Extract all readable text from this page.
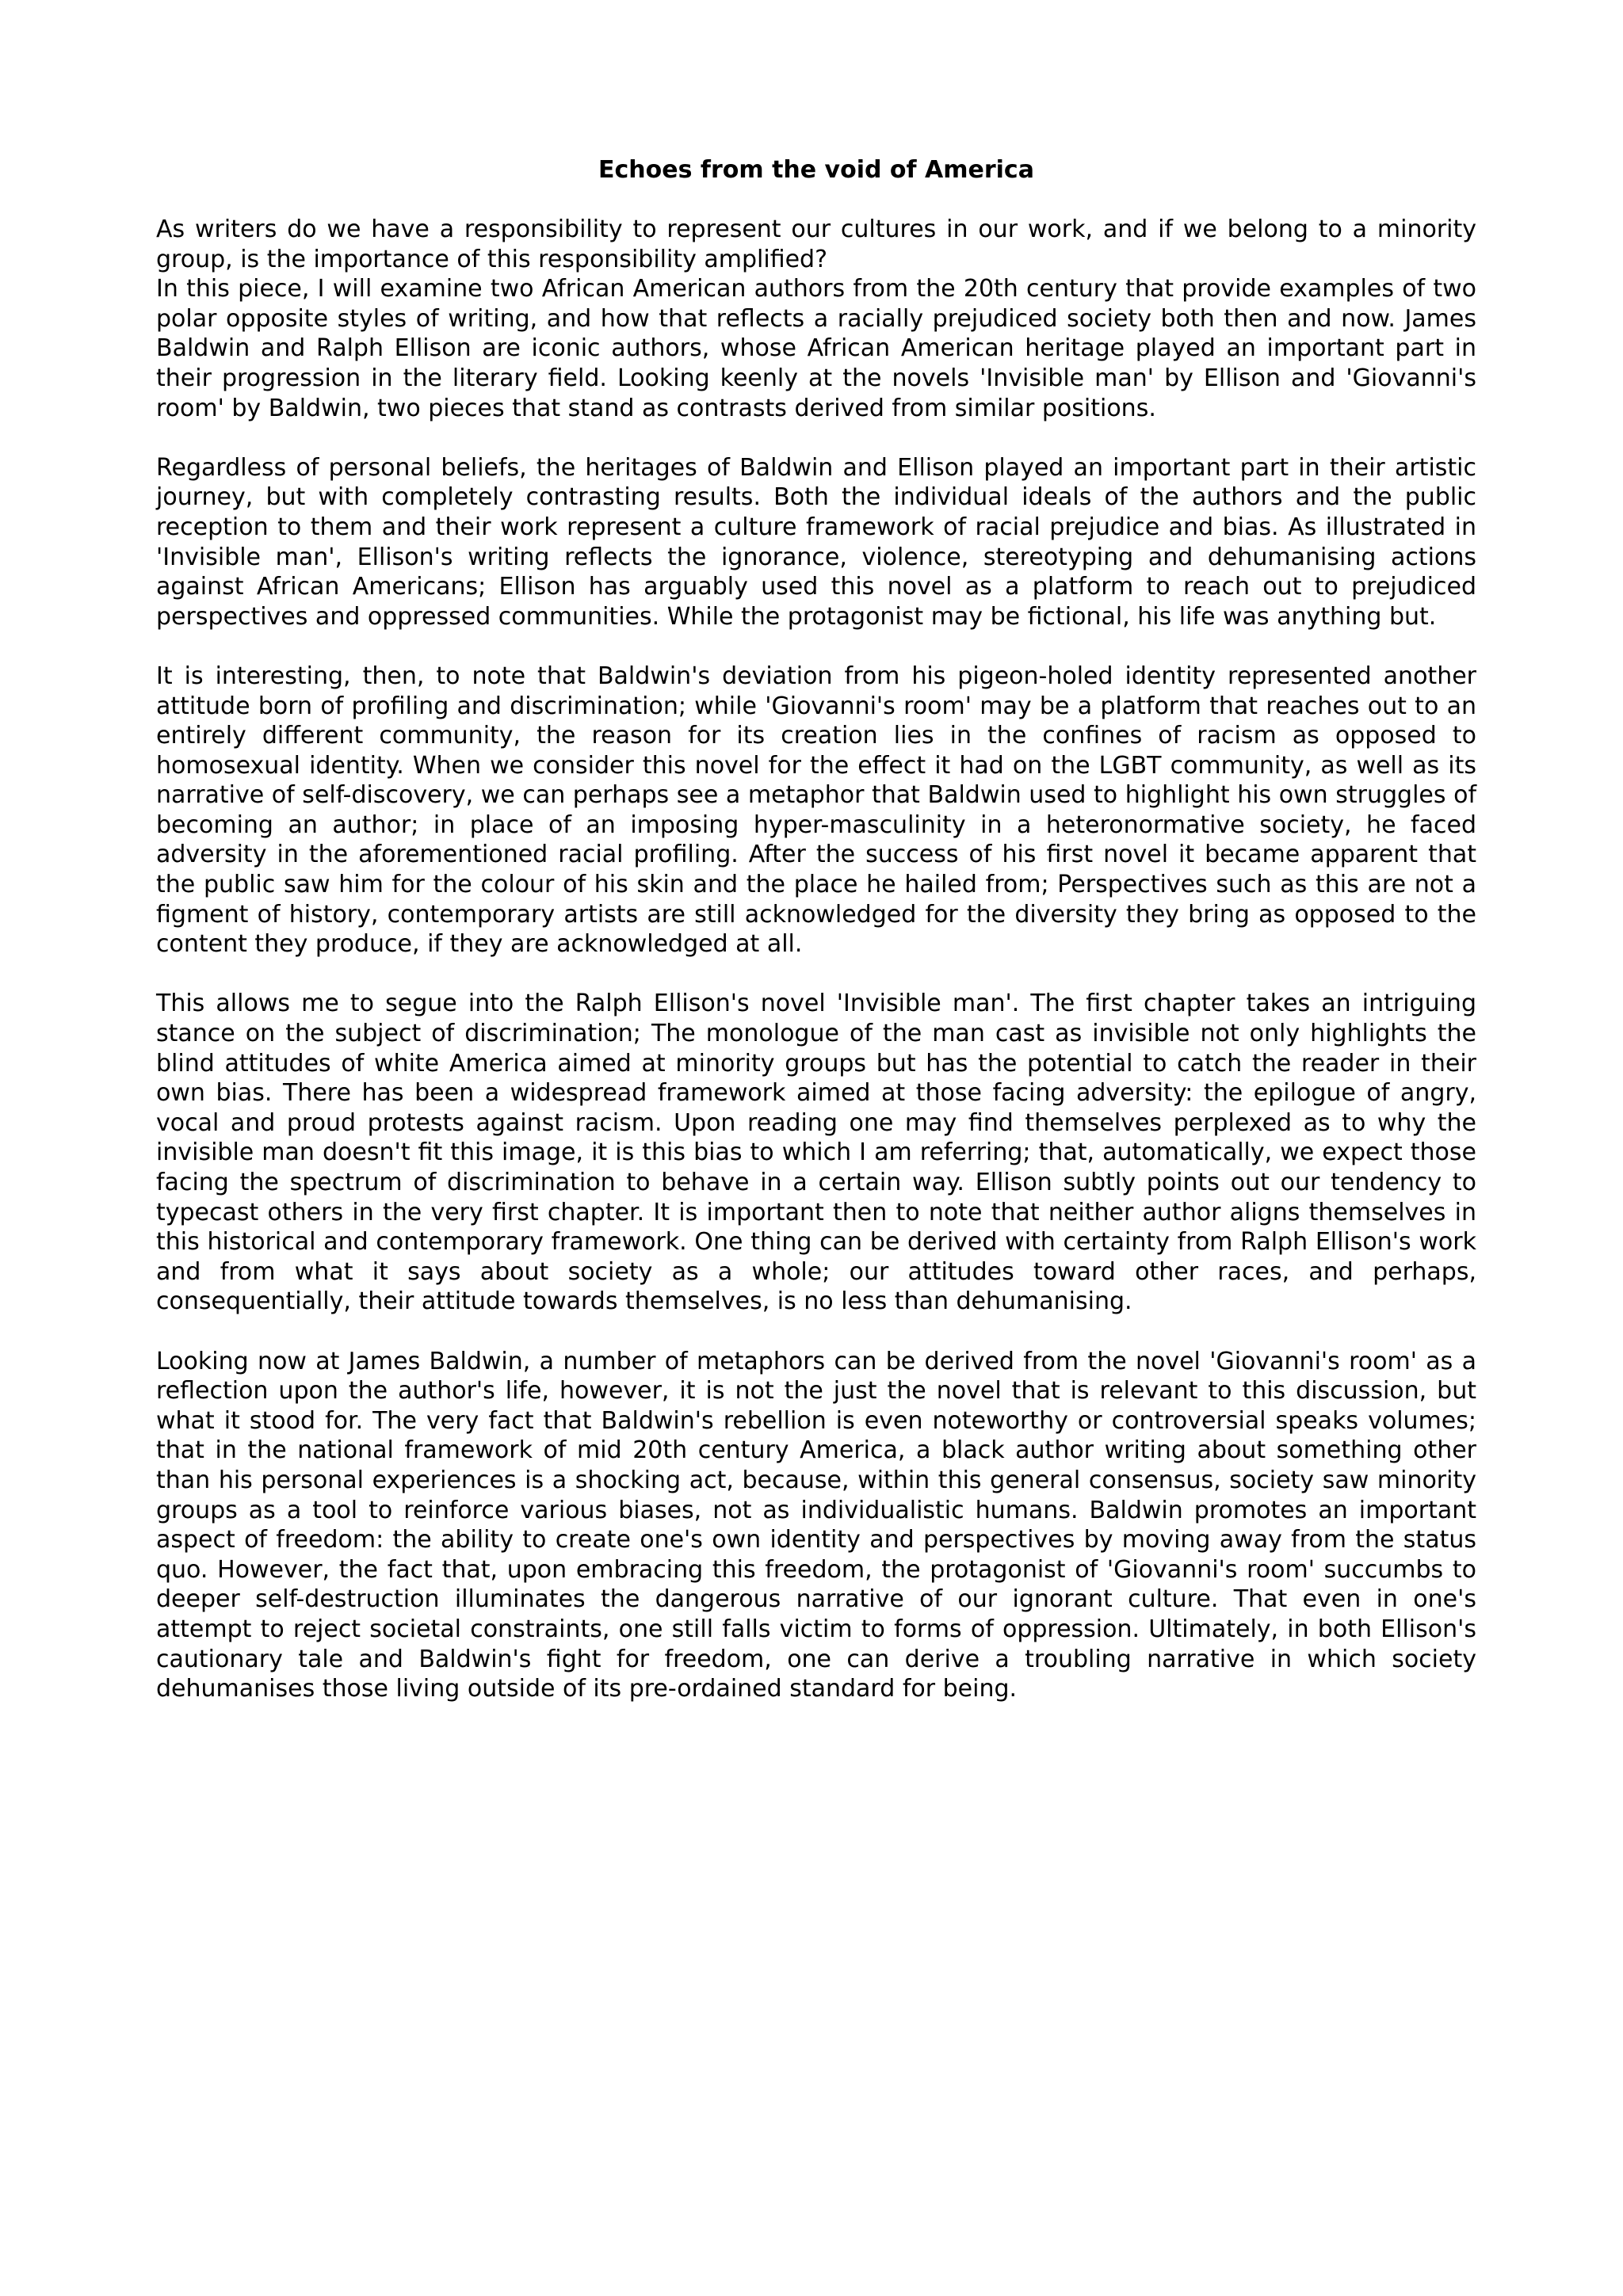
Echoes from the void of America

As writers do we have a responsibility to represent our cultures in our work, and if we belong to a minority group, is the importance of this responsibility amplified?

In this piece, I will examine two African American authors from the 20th century that provide examples of two polar opposite styles of writing, and how that reflects a racially prejudiced society both then and now. James Baldwin and Ralph Ellison are iconic authors, whose African American heritage played an important part in their progression in the literary field. Looking keenly at the novels 'Invisible man' by Ellison and 'Giovanni's room' by Baldwin, two pieces that stand as contrasts derived from similar positions.

Regardless of personal beliefs, the heritages of Baldwin and Ellison played an important part in their artistic journey, but with completely contrasting results. Both the individual ideals of the authors and the public reception to them and their work represent a culture framework of racial prejudice and bias. As illustrated in 'Invisible man', Ellison's writing reflects the ignorance, violence, stereotyping and dehumanising actions against African Americans; Ellison has arguably used this novel as a platform to reach out to prejudiced perspectives and oppressed communities. While the protagonist may be fictional, his life was anything but.

It is interesting, then, to note that Baldwin's deviation from his pigeon-holed identity represented another attitude born of profiling and discrimination; while 'Giovanni's room' may be a platform that reaches out to an entirely different community, the reason for its creation lies in the confines of racism as opposed to homosexual identity. When we consider this novel for the effect it had on the LGBT community, as well as its narrative of self-discovery, we can perhaps see a metaphor that Baldwin used to highlight his own struggles of becoming an author; in place of an imposing hyper-masculinity in a heteronormative society, he faced adversity in the aforementioned racial profiling. After the success of his first novel it became apparent that the public saw him for the colour of his skin and the place he hailed from; Perspectives such as this are not a figment of history, contemporary artists are still acknowledged for the diversity they bring as opposed to the content they produce, if they are acknowledged at all.

This allows me to segue into the Ralph Ellison's novel 'Invisible man'. The first chapter takes an intriguing stance on the subject of discrimination; The monologue of the man cast as invisible not only highlights the blind attitudes of white America aimed at minority groups but has the potential to catch the reader in their own bias. There has been a widespread framework aimed at those facing adversity: the epilogue of angry, vocal and proud protests against racism. Upon reading one may find themselves perplexed as to why the invisible man doesn't fit this image, it is this bias to which I am referring; that, automatically, we expect those facing the spectrum of discrimination to behave in a certain way. Ellison subtly points out our tendency to typecast others in the very first chapter. It is important then to note that neither author aligns themselves in this historical and contemporary framework. One thing can be derived with certainty from Ralph Ellison's work and from what it says about society as a whole; our attitudes toward other races, and perhaps, consequentially, their attitude towards themselves, is no less than dehumanising.

Looking now at James Baldwin, a number of metaphors can be derived from the novel 'Giovanni's room' as a reflection upon the author's life, however, it is not the just the novel that is relevant to this discussion, but what it stood for. The very fact that Baldwin's rebellion is even noteworthy or controversial speaks volumes; that in the national framework of mid 20th century America, a black author writing about something other than his personal experiences is a shocking act, because, within this general consensus, society saw minority groups as a tool to reinforce various biases, not as individualistic humans. Baldwin promotes an important aspect of freedom: the ability to create one's own identity and perspectives by moving away from the status quo. However, the fact that, upon embracing this freedom, the protagonist of 'Giovanni's room' succumbs to deeper self-destruction illuminates the dangerous narrative of our ignorant culture. That even in one's attempt to reject societal constraints, one still falls victim to forms of oppression. Ultimately, in both Ellison's cautionary tale and Baldwin's fight for freedom, one can derive a troubling narrative in which society dehumanises those living outside of its pre-ordained standard for being.
